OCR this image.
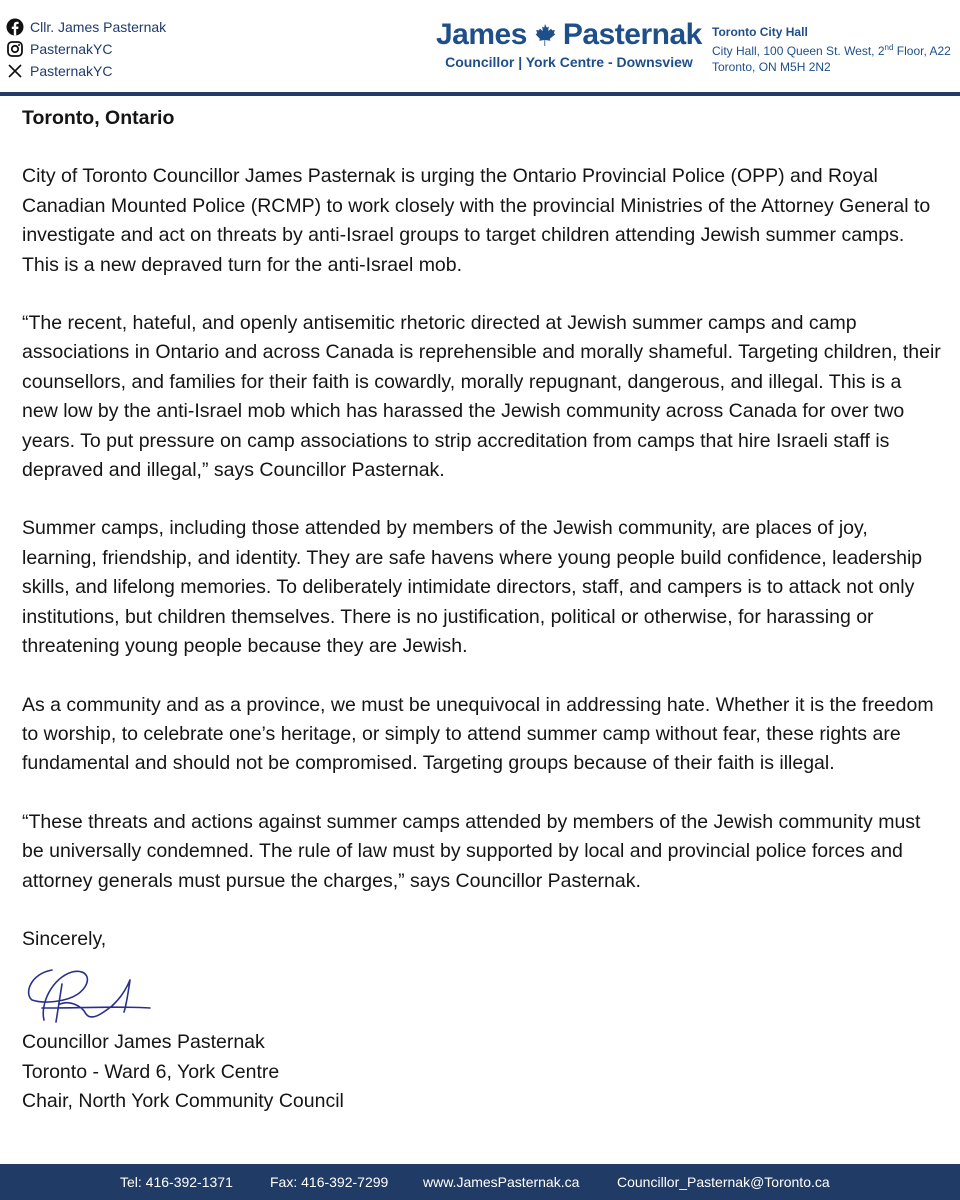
Cllr. James Pasternak
PasternakYC
PasternakYC
James Pasternak
Councillor | York Centre - Downsview
Toronto City Hall
City Hall, 100 Queen St. West, 2nd Floor, A22
Toronto, ON M5H 2N2
Toronto, Ontario

City of Toronto Councillor James Pasternak is urging the Ontario Provincial Police (OPP) and Royal Canadian Mounted Police (RCMP) to work closely with the provincial Ministries of the Attorney General to investigate and act on threats by anti-Israel groups to target children attending Jewish summer camps. This is a new depraved turn for the anti-Israel mob.

“The recent, hateful, and openly antisemitic rhetoric directed at Jewish summer camps and camp associations in Ontario and across Canada is reprehensible and morally shameful. Targeting children, their counsellors, and families for their faith is cowardly, morally repugnant, dangerous, and illegal. This is a new low by the anti-Israel mob which has harassed the Jewish community across Canada for over two years. To put pressure on camp associations to strip accreditation from camps that hire Israeli staff is depraved and illegal,” says Councillor Pasternak.

Summer camps, including those attended by members of the Jewish community, are places of joy, learning, friendship, and identity. They are safe havens where young people build confidence, leadership skills, and lifelong memories. To deliberately intimidate directors, staff, and campers is to attack not only institutions, but children themselves. There is no justification, political or otherwise, for harassing or threatening young people because they are Jewish.

As a community and as a province, we must be unequivocal in addressing hate. Whether it is the freedom to worship, to celebrate one’s heritage, or simply to attend summer camp without fear, these rights are fundamental and should not be compromised. Targeting groups because of their faith is illegal.

“These threats and actions against summer camps attended by members of the Jewish community must be universally condemned. The rule of law must by supported by local and provincial police forces and attorney generals must pursue the charges,” says Councillor Pasternak.

Sincerely,
Councillor James Pasternak
Toronto - Ward 6, York Centre
Chair, North York Community Council
Tel: 416-392-1371	Fax: 416-392-7299 www.JamesPasternak.ca	Councillor_Pasternak@Toronto.ca
